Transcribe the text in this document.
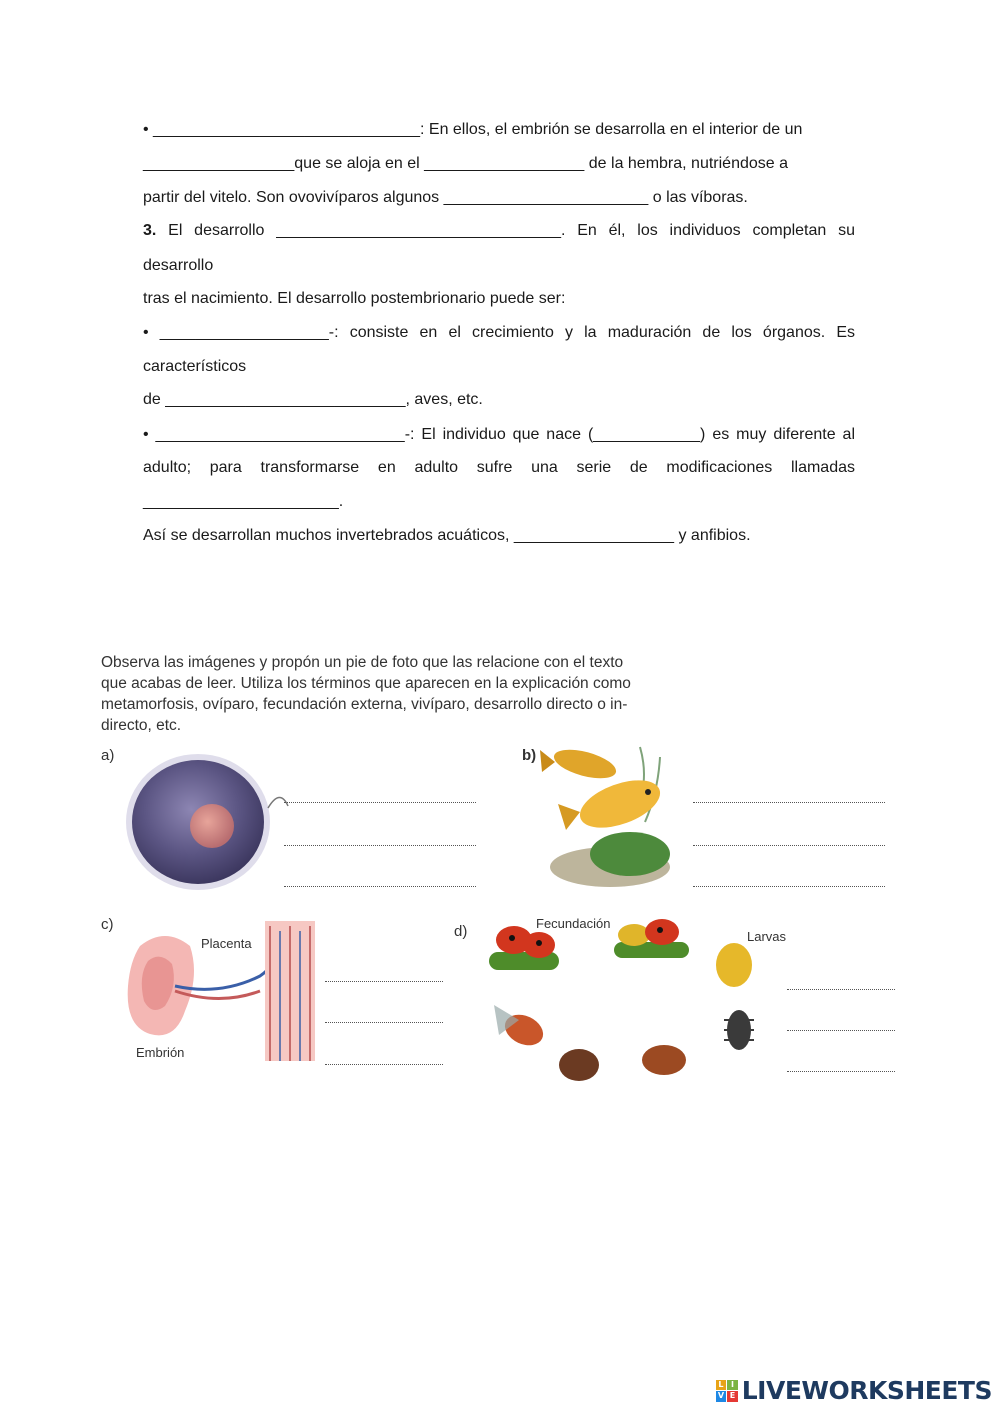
• ______________________________: En ellos, el embrión se desarrolla en el interior de un
_________________que se aloja en el __________________ de la hembra, nutriéndose a
partir del vitelo. Son ovovivíparos algunos _______________________ o las víboras.
3. El desarrollo ________________________________. En él, los individuos completan su
desarrollo
tras el nacimiento. El desarrollo postembrionario puede ser:
• ___________________-: consiste en el crecimiento y la maduración de los órganos. Es
característicos
de ___________________________, aves, etc.
• ____________________________-: El individuo que nace (____________) es muy diferente al
adulto; para transformarse en adulto sufre una serie de modificaciones llamadas
______________________.
Así se desarrollan muchos invertebrados acuáticos, __________________ y anfibios.

Observa las imágenes y propón un pie de foto que las relacione con el texto

que acabas de leer. Utiliza los términos que aparecen en la explicación como

metamorfosis, ovíparo, fecundación externa, vivíparo, desarrollo directo o in-

directo, etc.

a)	b)
c)
Placenta
Embrión
d)	Fecundación
Larvas
L I
V E LIVEWORKSHEETS
